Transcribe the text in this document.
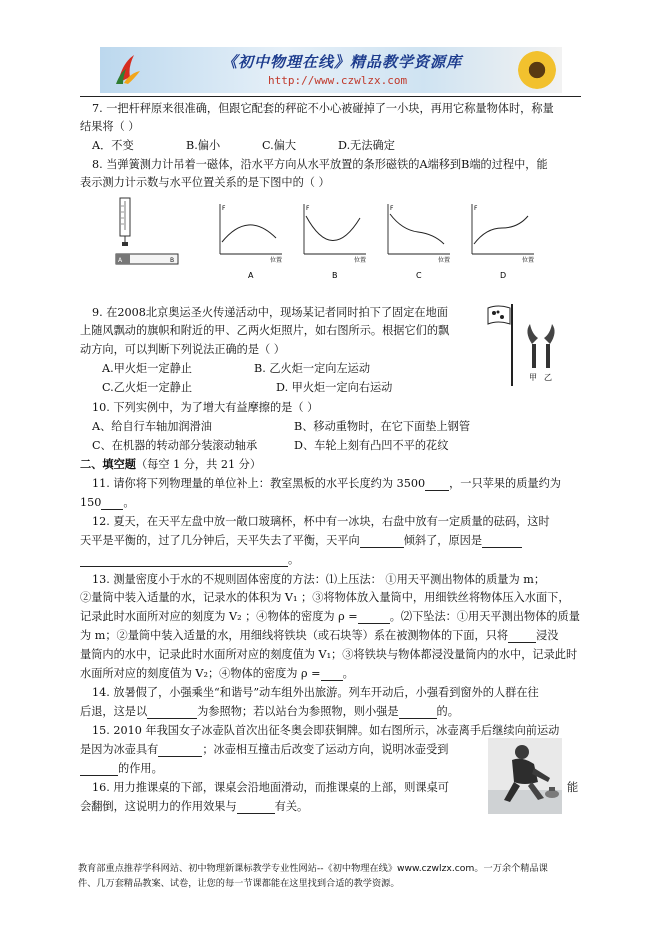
《初中物理在线》精品教学资源库
http://www.czwlzx.com
7. 一把杆秤原来很准确，但跟它配套的秤砣不小心被碰掉了一小块，再用它称量物体时，称量
结果将（ ）
A．不变	B.偏小	C.偏大	D.无法确定
8. 当弹簧测力计吊着一磁体，沿水平方向从水平放置的条形磁铁的A端移到B端的过程中，能
表示测力计示数与水平位置关系的是下图中的（ ）
A	B
F
位置
A
F
位置
B
F
位置
C
F
位置
D
9. 在2008北京奥运圣火传递活动中，现场某记者同时拍下了固定在地面
上随风飘动的旗帜和附近的甲、乙两火炬照片，如右图所示。根据它们的飘
动方向，可以判断下列说法正确的是（ ）
A.甲火炬一定静止	B. 乙火炬一定向左运动
C.乙火炬一定静止	D. 甲火炬一定向右运动
甲 乙
10. 下列实例中，为了增大有益摩擦的是（ ）
A、给自行车轴加润滑油	B、移动重物时，在它下面垫上钢管
C、在机器的转动部分装滚动轴承	D、车轮上刻有凸凹不平的花纹
二、填空题（每空 1 分，共 21 分）
11. 请你将下列物理量的单位补上：教室黑板的水平长度约为 3500 ，一只苹果的质量约为
150 。
12. 夏天，在天平左盘中放一敞口玻璃杯，杯中有一冰块，右盘中放有一定质量的砝码，这时
天平是平衡的，过了几分钟后，天平失去了平衡，天平向	倾斜了，原因是
。
13. 测量密度小于水的不规则固体密度的方法：⑴上压法： ①用天平测出物体的质量为 m；
②量筒中装入适量的水，记录水的体积为 V₁ ；③将物体放入量筒中，用细铁丝将物体压入水面下，
记录此时水面所对应的刻度为 V₂ ；④物体的密度为 ρ =	。⑵下坠法：①用天平测出物体的质量
为 m；②量筒中装入适量的水，用细线将铁块（或石块等）系在被测物体的下面，只将	浸没
量筒内的水中，记录此时水面所对应的刻度值为 V₁；③将铁块与物体都浸没量筒内的水中，记录此时
水面所对应的刻度值为 V₂；④物体的密度为 ρ = 。
14. 放暑假了，小强乘坐“和谐号”动车组外出旅游。列车开动后，小强看到窗外的人群在往
后退，这是以	为参照物；若以站台为参照物，则小强是	的。
15. 2010 年我国女子冰壶队首次出征冬奥会即获铜牌。如右图所示，冰壶离手后继续向前运动
是因为冰壶具有	；冰壶相互撞击后改变了运动方向，说明冰壶受到
的作用。
16. 用力推课桌的下部，课桌会沿地面滑动，而推课桌的上部，则课桌可	能
会翻倒，这说明力的作用效果与	有关。
教育部重点推荐学科网站、初中物理新课标教学专业性网站--《初中物理在线》www.czwlzx.com。一万余个精品课
件、几万套精品教案、试卷，让您的每一节课都能在这里找到合适的教学资源。
